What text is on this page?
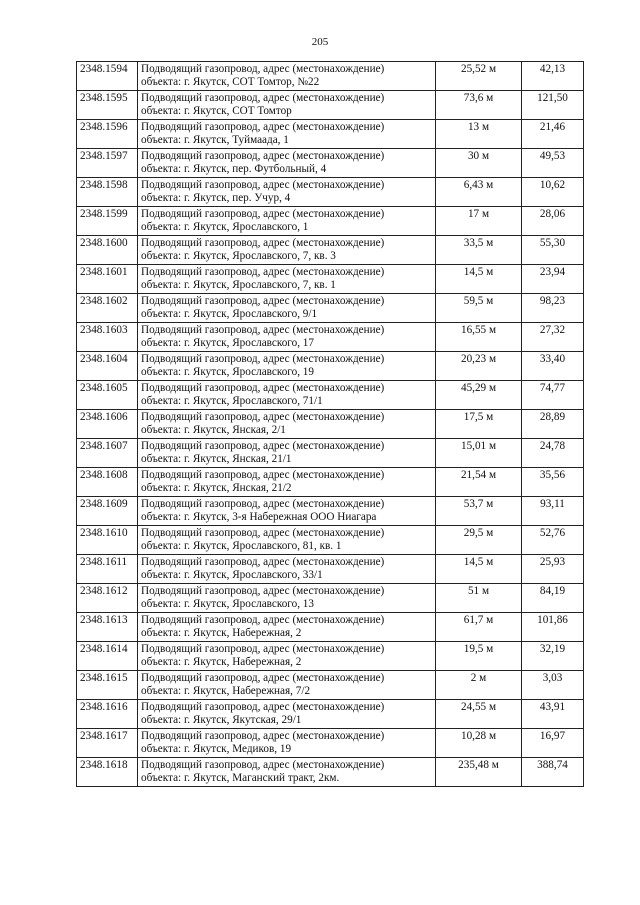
205
2348.1594	Подводящий газопровод, адрес (местонахождение)
объекта: г. Якутск, СОТ Томтор, №22	25,52 м	42,13
2348.1595	Подводящий газопровод, адрес (местонахождение)
объекта: г. Якутск, СОТ Томтор	73,6 м	121,50
2348.1596	Подводящий газопровод, адрес (местонахождение)
объекта: г. Якутск, Туймаада, 1	13 м	21,46
2348.1597	Подводящий газопровод, адрес (местонахождение)
объекта: г. Якутск, пер. Футбольный, 4	30 м	49,53
2348.1598	Подводящий газопровод, адрес (местонахождение)
объекта: г. Якутск, пер. Учур, 4	6,43 м	10,62
2348.1599	Подводящий газопровод, адрес (местонахождение)
объекта: г. Якутск, Ярославского, 1	17 м	28,06
2348.1600	Подводящий газопровод, адрес (местонахождение)
объекта: г. Якутск, Ярославского, 7, кв. 3	33,5 м	55,30
2348.1601	Подводящий газопровод, адрес (местонахождение)
объекта: г. Якутск, Ярославского, 7, кв. 1	14,5 м	23,94
2348.1602	Подводящий газопровод, адрес (местонахождение)
объекта: г. Якутск, Ярославского, 9/1	59,5 м	98,23
2348.1603	Подводящий газопровод, адрес (местонахождение)
объекта: г. Якутск, Ярославского, 17	16,55 м	27,32
2348.1604	Подводящий газопровод, адрес (местонахождение)
объекта: г. Якутск, Ярославского, 19	20,23 м	33,40
2348.1605	Подводящий газопровод, адрес (местонахождение)
объекта: г. Якутск, Ярославского, 71/1	45,29 м	74,77
2348.1606	Подводящий газопровод, адрес (местонахождение)
объекта: г. Якутск, Янская, 2/1	17,5 м	28,89
2348.1607	Подводящий газопровод, адрес (местонахождение)
объекта: г. Якутск, Янская, 21/1	15,01 м	24,78
2348.1608	Подводящий газопровод, адрес (местонахождение)
объекта: г. Якутск, Янская, 21/2	21,54 м	35,56
2348.1609	Подводящий газопровод, адрес (местонахождение)
объекта: г. Якутск, 3-я Набережная ООО Ниагара	53,7 м	93,11
2348.1610	Подводящий газопровод, адрес (местонахождение)
объекта: г. Якутск, Ярославского, 81, кв. 1	29,5 м	52,76
2348.1611	Подводящий газопровод, адрес (местонахождение)
объекта: г. Якутск, Ярославского, 33/1	14,5 м	25,93
2348.1612	Подводящий газопровод, адрес (местонахождение)
объекта: г. Якутск, Ярославского, 13	51 м	84,19
2348.1613	Подводящий газопровод, адрес (местонахождение)
объекта: г. Якутск, Набережная, 2	61,7 м	101,86
2348.1614	Подводящий газопровод, адрес (местонахождение)
объекта: г. Якутск, Набережная, 2	19,5 м	32,19
2348.1615	Подводящий газопровод, адрес (местонахождение)
объекта: г. Якутск, Набережная, 7/2	2 м	3,03
2348.1616	Подводящий газопровод, адрес (местонахождение)
объекта: г. Якутск, Якутская, 29/1	24,55 м	43,91
2348.1617	Подводящий газопровод, адрес (местонахождение)
объекта: г. Якутск, Медиков, 19	10,28 м	16,97
2348.1618	Подводящий газопровод, адрес (местонахождение)
объекта: г. Якутск, Маганский тракт, 2км.	235,48 м	388,74
